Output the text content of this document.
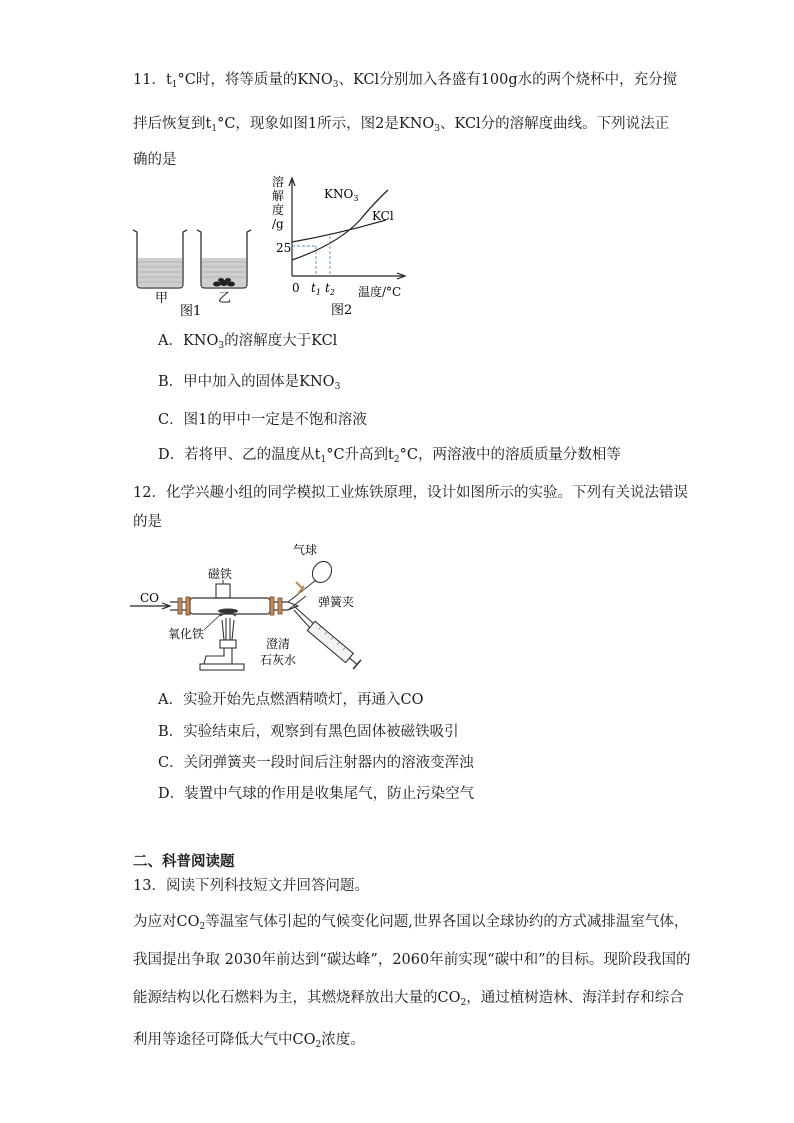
11．$t_1^\circ C$时，将等质量的$KNO_3$、KCl分别加入各盛有100g水的两个烧杯中，充分搅
拌后恢复到$t_1^\circ C$，现象如图1所示，图2是$KNO_3$、KCl分的溶解度曲线。下列说法正
确的是
甲	乙
图1
溶
解
度
/g
$KNO_3$
KCl
25
0 $t_1$ $t_2$ 温度/°C
图2
A．$KNO_3$的溶解度大于KCl
B．甲中加入的固体是$KNO_3$
C．图1的甲中一定是不饱和溶液
D．若将甲、乙的温度从$t_1^\circ C$升高到$t_2^\circ C$，两溶液中的溶质质量分数相等
12．化学兴趣小组的同学模拟工业炼铁原理，设计如图所示的实验。下列有关说法错误
的是
CO
磁铁
氧化铁
气球
弹簧夹
澄清
石灰水
A．实验开始先点燃酒精喷灯，再通入CO
B．实验结束后，观察到有黑色固体被磁铁吸引
C．关闭弹簧夹一段时间后注射器内的溶液变浑浊
D．装置中气球的作用是收集尾气，防止污染空气
二、科普阅读题
13．阅读下列科技短文并回答问题。
为应对$CO_2$等温室气体引起的气候变化问题,世界各国以全球协约的方式减排温室气体，
我国提出争取 2030年前达到“碳达峰”，2060年前实现“碳中和”的目标。现阶段我国的
能源结构以化石燃料为主，其燃烧释放出大量的$CO_2$，通过植树造林、海洋封存和综合
利用等途径可降低大气中$CO_2$浓度。
